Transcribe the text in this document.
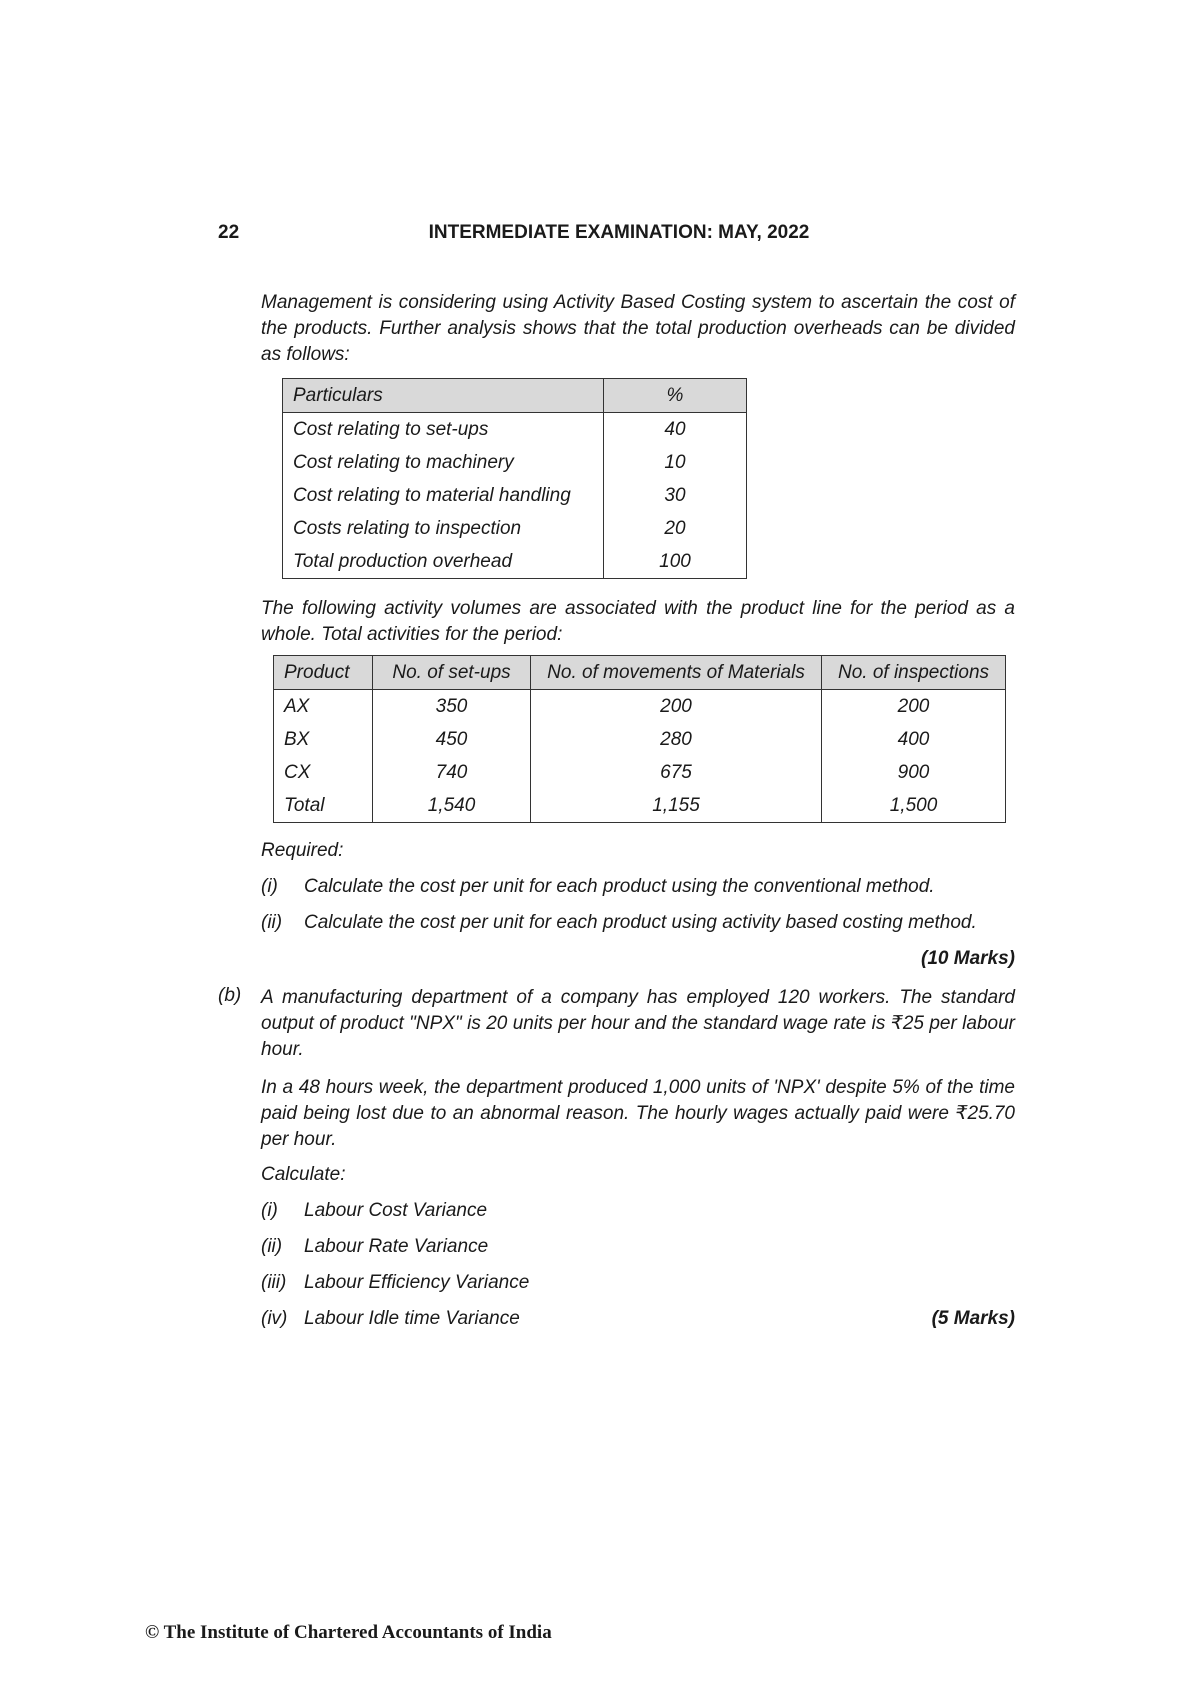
22	INTERMEDIATE EXAMINATION: MAY, 2022
Management is considering using Activity Based Costing system to ascertain the cost of the products. Further analysis shows that the total production overheads can be divided as follows:
Particulars	%
Cost relating to set-ups	40
Cost relating to machinery	10
Cost relating to material handling	30
Costs relating to inspection	20
Total production overhead	100
The following activity volumes are associated with the product line for the period as a whole. Total activities for the period:
Product	No. of set-ups	No. of movements of Materials	No. of inspections
AX	350	200	200
BX	450	280	400
CX	740	675	900
Total	1,540	1,155	1,500
Required:
(i) Calculate the cost per unit for each product using the conventional method.
(ii) Calculate the cost per unit for each product using activity based costing method.
(10 Marks)
(b) A manufacturing department of a company has employed 120 workers. The standard output of product "NPX" is 20 units per hour and the standard wage rate is ₹25 per labour hour.
In a 48 hours week, the department produced 1,000 units of 'NPX' despite 5% of the time paid being lost due to an abnormal reason. The hourly wages actually paid were ₹25.70 per hour.
Calculate:
(i) Labour Cost Variance
(ii) Labour Rate Variance
(iii) Labour Efficiency Variance
(iv) Labour Idle time Variance	(5 Marks)
© The Institute of Chartered Accountants of India
